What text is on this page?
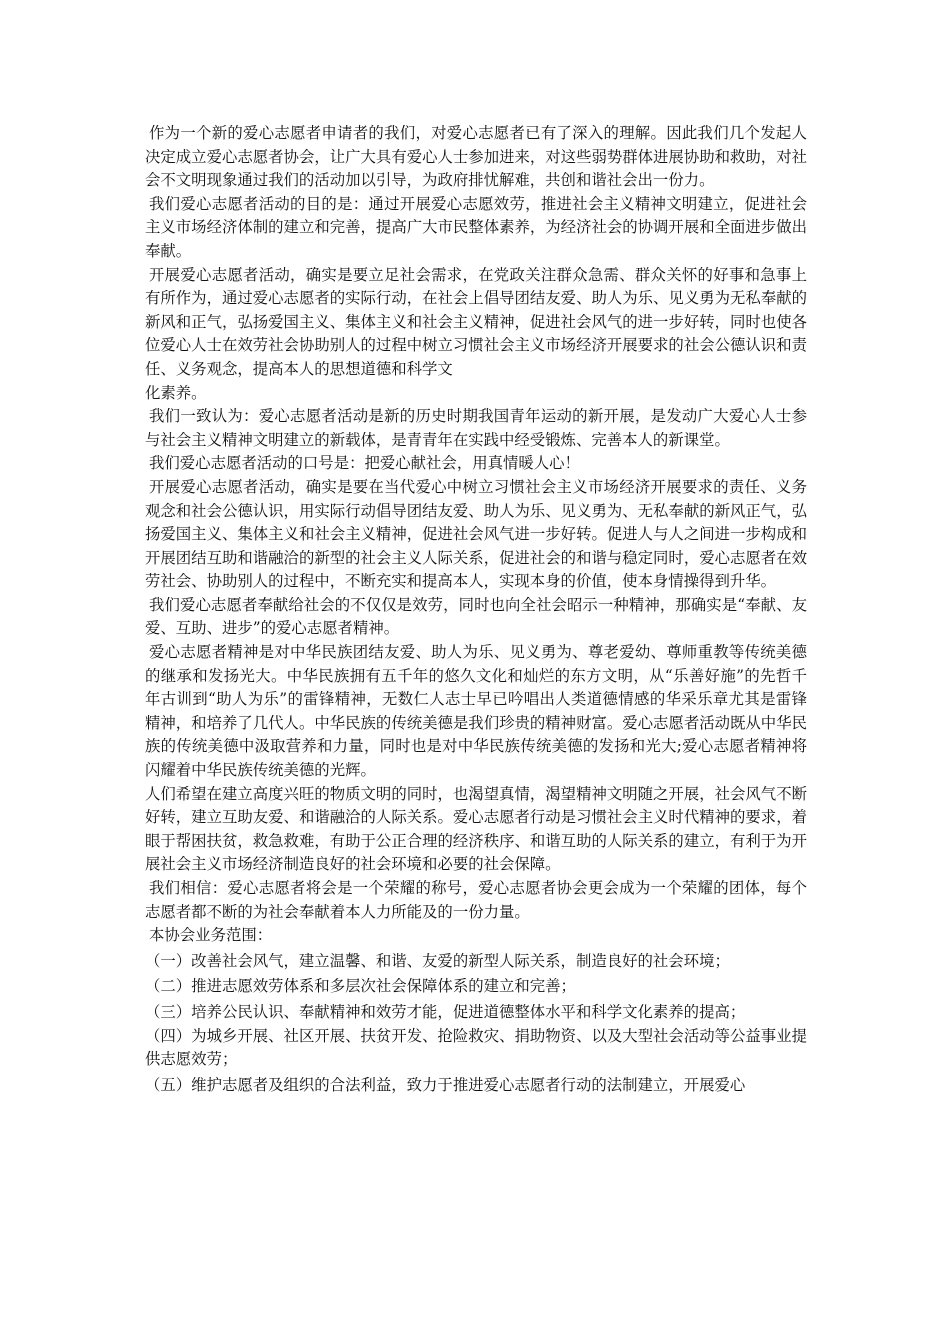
作为一个新的爱心志愿者申请者的我们，对爱心志愿者已有了深入的理解。因此我们几个发起人决定成立爱心志愿者协会，让广大具有爱心人士参加进来，对这些弱势群体进展协助和救助，对社会不文明现象通过我们的活动加以引导，为政府排忧解难，共创和谐社会出一份力。

我们爱心志愿者活动的目的是：通过开展爱心志愿效劳，推进社会主义精神文明建立，促进社会主义市场经济体制的建立和完善，提高广大市民整体素养，为经济社会的协调开展和全面进步做出奉献。

开展爱心志愿者活动，确实是要立足社会需求，在党政关注群众急需、群众关怀的好事和急事上有所作为，通过爱心志愿者的实际行动，在社会上倡导团结友爱、助人为乐、见义勇为无私奉献的新风和正气，弘扬爱国主义、集体主义和社会主义精神，促进社会风气的进一步好转，同时也使各位爱心人士在效劳社会协助别人的过程中树立习惯社会主义市场经济开展要求的社会公德认识和责任、义务观念，提高本人的思想道德和科学文

化素养。

我们一致认为：爱心志愿者活动是新的历史时期我国青年运动的新开展，是发动广大爱心人士参与社会主义精神文明建立的新载体，是青青年在实践中经受锻炼、完善本人的新课堂。

我们爱心志愿者活动的口号是：把爱心献社会，用真情暖人心！

开展爱心志愿者活动，确实是要在当代爱心中树立习惯社会主义市场经济开展要求的责任、义务观念和社会公德认识，用实际行动倡导团结友爱、助人为乐、见义勇为、无私奉献的新风正气，弘扬爱国主义、集体主义和社会主义精神，促进社会风气进一步好转。促进人与人之间进一步构成和开展团结互助和谐融洽的新型的社会主义人际关系，促进社会的和谐与稳定同时，爱心志愿者在效劳社会、协助别人的过程中，不断充实和提高本人，实现本身的价值，使本身情操得到升华。

我们爱心志愿者奉献给社会的不仅仅是效劳，同时也向全社会昭示一种精神，那确实是“奉献、友爱、互助、进步”的爱心志愿者精神。

爱心志愿者精神是对中华民族团结友爱、助人为乐、见义勇为、尊老爱幼、尊师重教等传统美德的继承和发扬光大。中华民族拥有五千年的悠久文化和灿烂的东方文明，从“乐善好施”的先哲千年古训到“助人为乐”的雷锋精神，无数仁人志士早已吟唱出人类道德情感的华采乐章尤其是雷锋精神，和培养了几代人。中华民族的传统美德是我们珍贵的精神财富。爱心志愿者活动既从中华民族的传统美德中汲取营养和力量，同时也是对中华民族传统美德的发扬和光大;爱心志愿者精神将闪耀着中华民族传统美德的光辉。

人们希望在建立高度兴旺的物质文明的同时，也渴望真情，渴望精神文明随之开展，社会风气不断好转，建立互助友爱、和谐融洽的人际关系。爱心志愿者行动是习惯社会主义时代精神的要求，着眼于帮困扶贫，救急救难，有助于公正合理的经济秩序、和谐互助的人际关系的建立，有利于为开展社会主义市场经济制造良好的社会环境和必要的社会保障。

我们相信：爱心志愿者将会是一个荣耀的称号，爱心志愿者协会更会成为一个荣耀的团体，每个志愿者都不断的为社会奉献着本人力所能及的一份力量。

本协会业务范围：

（一）改善社会风气，建立温馨、和谐、友爱的新型人际关系，制造良好的社会环境；

（二）推进志愿效劳体系和多层次社会保障体系的建立和完善；

（三）培养公民认识、奉献精神和效劳才能，促进道德整体水平和科学文化素养的提高；

（四）为城乡开展、社区开展、扶贫开发、抢险救灾、捐助物资、以及大型社会活动等公益事业提供志愿效劳；

（五）维护志愿者及组织的合法利益，致力于推进爱心志愿者行动的法制建立，开展爱心
